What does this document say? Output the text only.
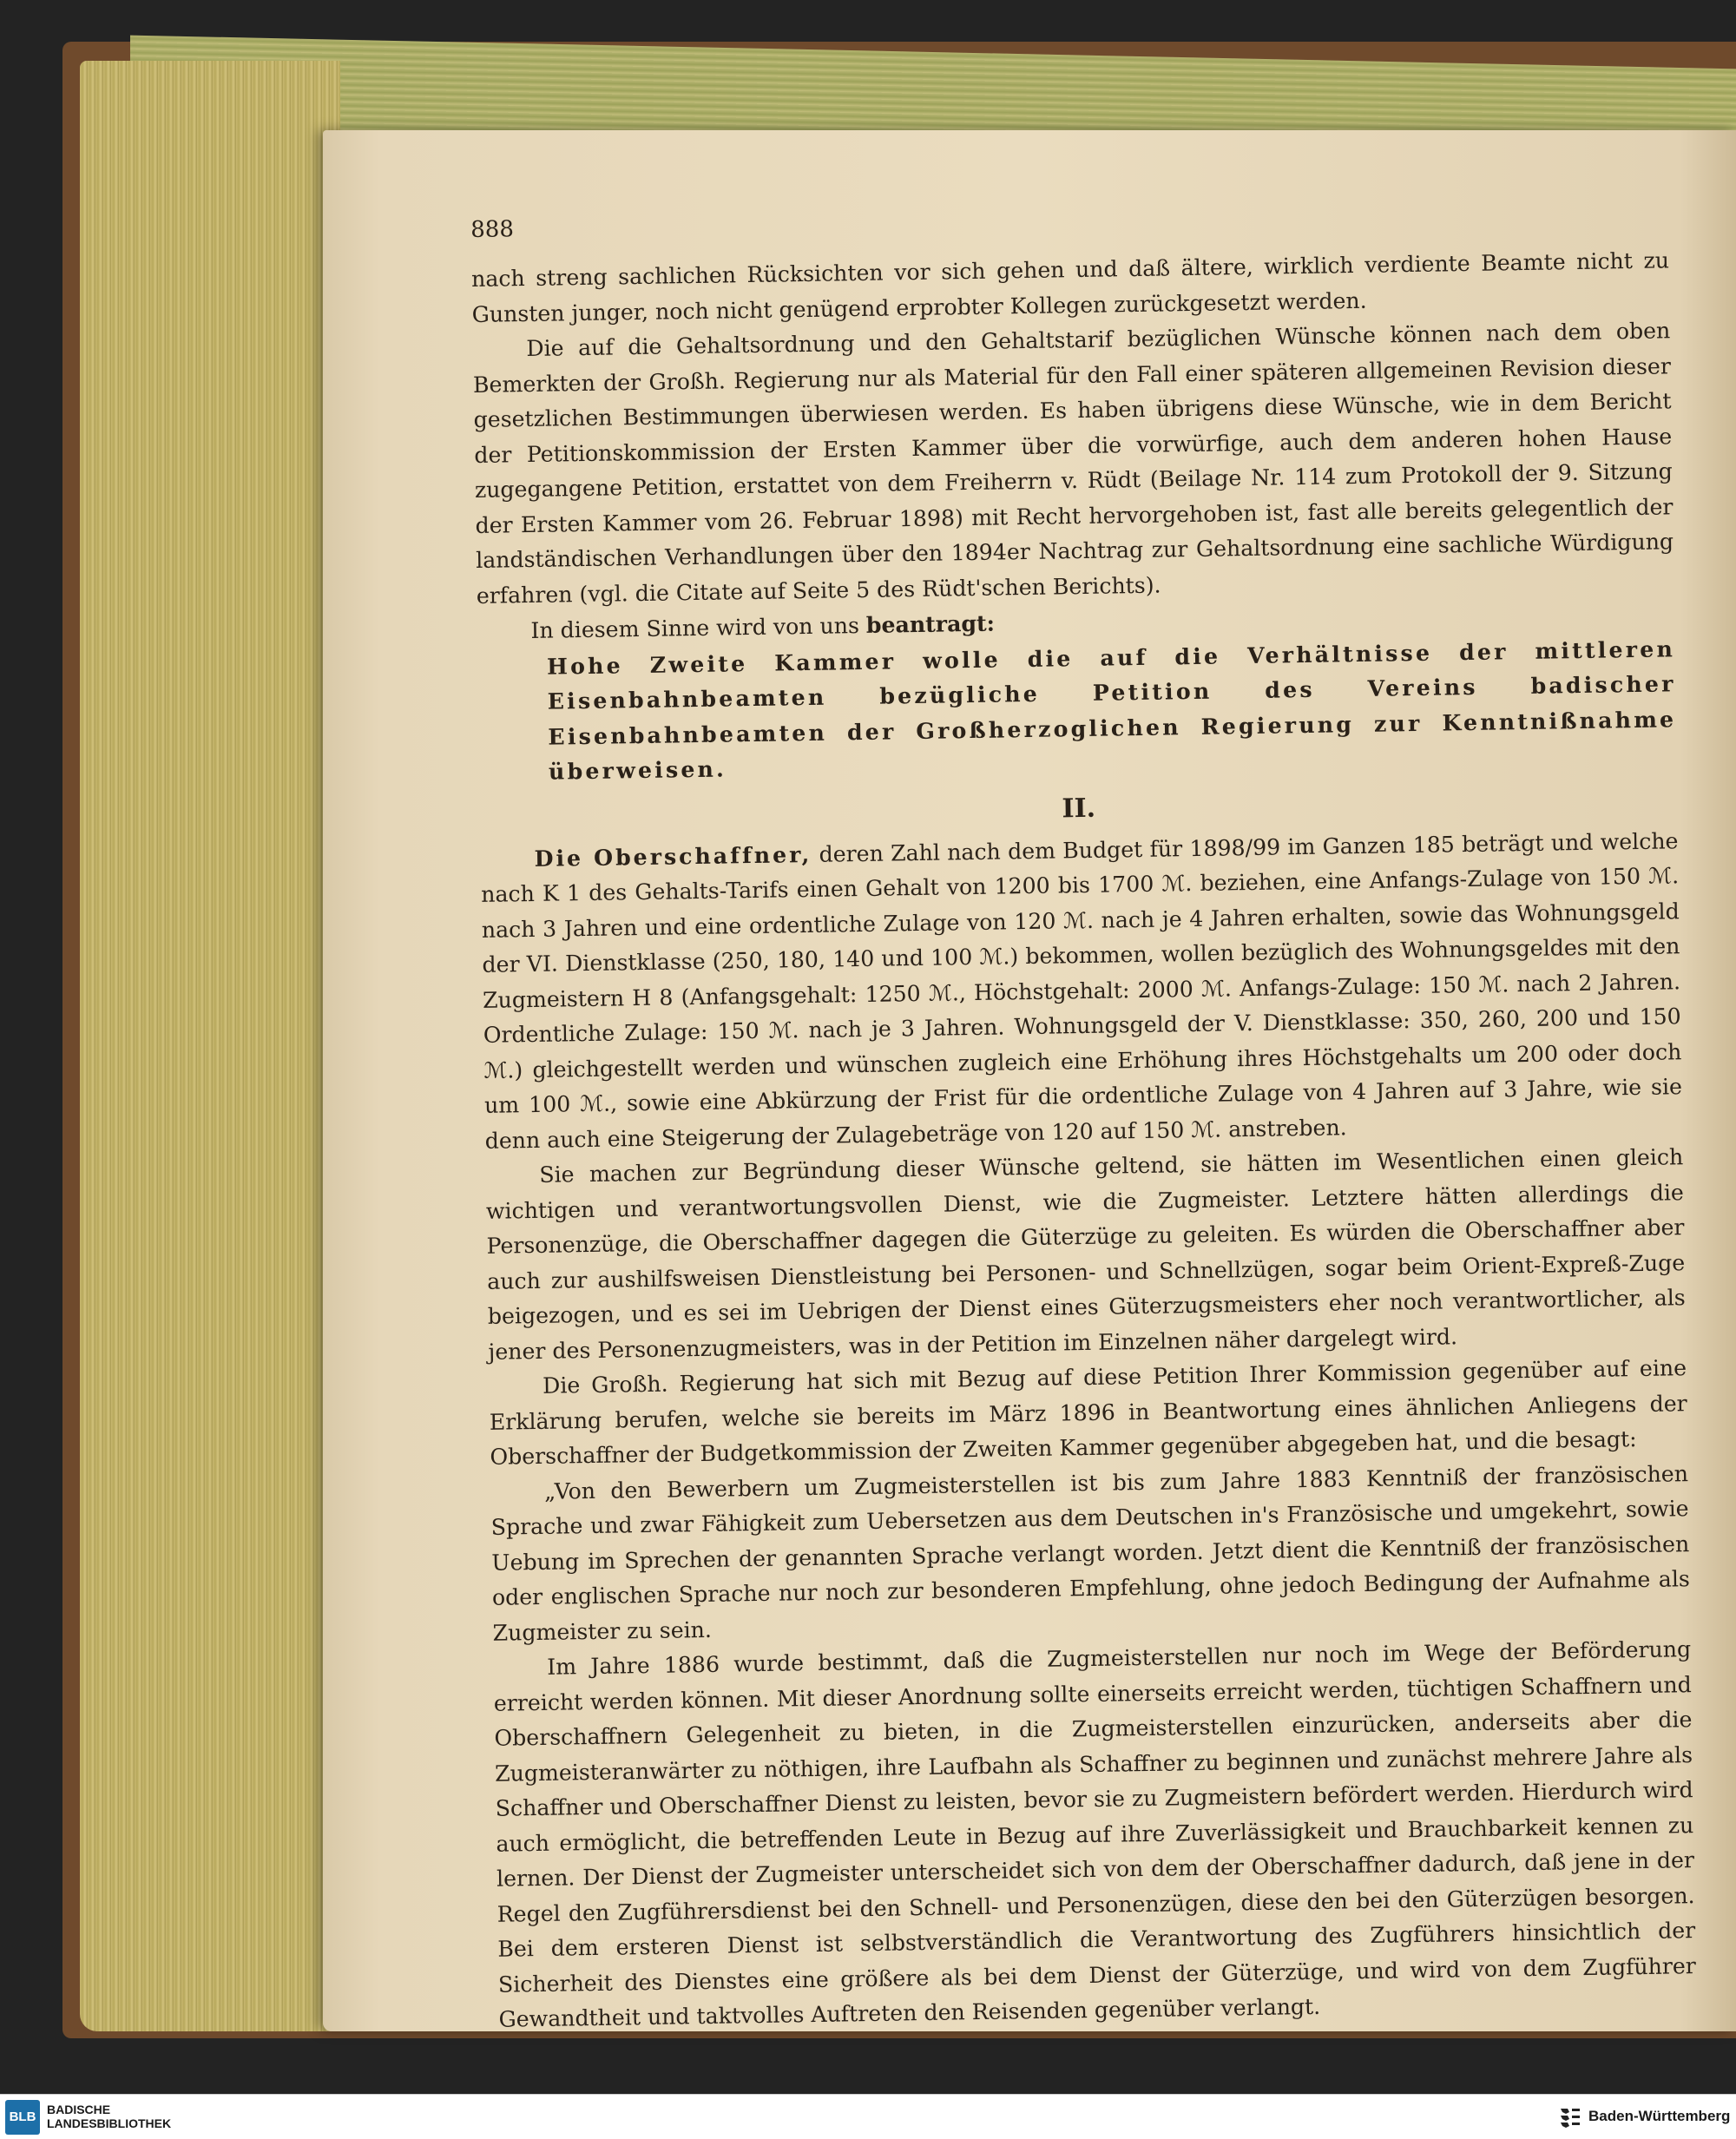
888

nach streng sachlichen Rücksichten vor sich gehen und daß ältere, wirklich verdiente Beamte nicht zu Gunsten junger, noch nicht genügend erprobter Kollegen zurückgesetzt werden.

Die auf die Gehaltsordnung und den Gehaltstarif bezüglichen Wünsche können nach dem oben Bemerkten der Großh. Regierung nur als Material für den Fall einer späteren allgemeinen Revision dieser gesetzlichen Bestimmungen überwiesen werden. Es haben übrigens diese Wünsche, wie in dem Bericht der Petitionskommission der Ersten Kammer über die vorwürfige, auch dem anderen hohen Hause zugegangene Petition, erstattet von dem Freiherrn v. Rüdt (Beilage Nr. 114 zum Protokoll der 9. Sitzung der Ersten Kammer vom 26. Februar 1898) mit Recht hervorgehoben ist, fast alle bereits gelegentlich der landständischen Verhandlungen über den 1894er Nachtrag zur Gehaltsordnung eine sachliche Würdigung erfahren (vgl. die Citate auf Seite 5 des Rüdt'schen Berichts).

In diesem Sinne wird von uns beantragt:

Hohe Zweite Kammer wolle die auf die Verhältnisse der mittleren Eisenbahnbeamten bezügliche Petition des Vereins badischer Eisenbahnbeamten der Großherzoglichen Regierung zur Kenntnißnahme überweisen.

II.

Die Oberschaffner, deren Zahl nach dem Budget für 1898/99 im Ganzen 185 beträgt und welche nach K 1 des Gehalts-Tarifs einen Gehalt von 1200 bis 1700 ℳ. beziehen, eine Anfangs-Zulage von 150 ℳ. nach 3 Jahren und eine ordentliche Zulage von 120 ℳ. nach je 4 Jahren erhalten, sowie das Wohnungsgeld der VI. Dienstklasse (250, 180, 140 und 100 ℳ.) bekommen, wollen bezüglich des Wohnungsgeldes mit den Zugmeistern H 8 (Anfangsgehalt: 1250 ℳ., Höchstgehalt: 2000 ℳ. Anfangs-Zulage: 150 ℳ. nach 2 Jahren. Ordentliche Zulage: 150 ℳ. nach je 3 Jahren. Wohnungsgeld der V. Dienstklasse: 350, 260, 200 und 150 ℳ.) gleichgestellt werden und wünschen zugleich eine Erhöhung ihres Höchstgehalts um 200 oder doch um 100 ℳ., sowie eine Abkürzung der Frist für die ordentliche Zulage von 4 Jahren auf 3 Jahre, wie sie denn auch eine Steigerung der Zulagebeträge von 120 auf 150 ℳ. anstreben.

Sie machen zur Begründung dieser Wünsche geltend, sie hätten im Wesentlichen einen gleich wichtigen und verantwortungsvollen Dienst, wie die Zugmeister. Letztere hätten allerdings die Personenzüge, die Oberschaffner dagegen die Güterzüge zu geleiten. Es würden die Oberschaffner aber auch zur aushilfsweisen Dienstleistung bei Personen- und Schnellzügen, sogar beim Orient-Expreß-Zuge beigezogen, und es sei im Uebrigen der Dienst eines Güterzugsmeisters eher noch verantwortlicher, als jener des Personenzugmeisters, was in der Petition im Einzelnen näher dargelegt wird.

Die Großh. Regierung hat sich mit Bezug auf diese Petition Ihrer Kommission gegenüber auf eine Erklärung berufen, welche sie bereits im März 1896 in Beantwortung eines ähnlichen Anliegens der Oberschaffner der Budgetkommission der Zweiten Kammer gegenüber abgegeben hat, und die besagt:

„Von den Bewerbern um Zugmeisterstellen ist bis zum Jahre 1883 Kenntniß der französischen Sprache und zwar Fähigkeit zum Uebersetzen aus dem Deutschen in's Französische und umgekehrt, sowie Uebung im Sprechen der genannten Sprache verlangt worden. Jetzt dient die Kenntniß der französischen oder englischen Sprache nur noch zur besonderen Empfehlung, ohne jedoch Bedingung der Aufnahme als Zugmeister zu sein.

Im Jahre 1886 wurde bestimmt, daß die Zugmeisterstellen nur noch im Wege der Beförderung erreicht werden können. Mit dieser Anordnung sollte einerseits erreicht werden, tüchtigen Schaffnern und Oberschaffnern Gelegenheit zu bieten, in die Zugmeisterstellen einzurücken, anderseits aber die Zugmeisteranwärter zu nöthigen, ihre Laufbahn als Schaffner zu beginnen und zunächst mehrere Jahre als Schaffner und Oberschaffner Dienst zu leisten, bevor sie zu Zugmeistern befördert werden. Hierdurch wird auch ermöglicht, die betreffenden Leute in Bezug auf ihre Zuverlässigkeit und Brauchbarkeit kennen zu lernen. Der Dienst der Zugmeister unterscheidet sich von dem der Oberschaffner dadurch, daß jene in der Regel den Zugführersdienst bei den Schnell- und Personenzügen, diese den bei den Güterzügen besorgen. Bei dem ersteren Dienst ist selbstverständlich die Verantwortung des Zugführers hinsichtlich der Sicherheit des Dienstes eine größere als bei dem Dienst der Güterzüge, und wird von dem Zugführer Gewandtheit und taktvolles Auftreten den Reisenden gegenüber verlangt.

BLB BADISCHE
LANDESBIBLIOTHEK	Baden-Württemberg
